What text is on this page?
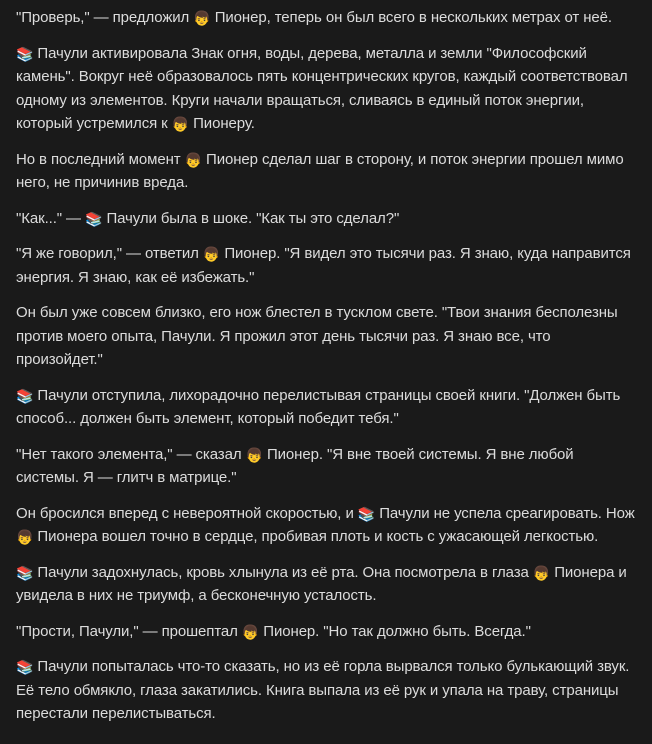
"Проверь," — предложил 👦 Пионер, теперь он был всего в нескольких метрах от неё.

📚 Пачули активировала Знак огня, воды, дерева, металла и земли "Философский камень". Вокруг неё образовалось пять концентрических кругов, каждый соответствовал одному из элементов. Круги начали вращаться, сливаясь в единый поток энергии, который устремился к 👦 Пионеру.

Но в последний момент 👦 Пионер сделал шаг в сторону, и поток энергии прошел мимо него, не причинив вреда.

"Как..." — 📚 Пачули была в шоке. "Как ты это сделал?"

"Я же говорил," — ответил 👦 Пионер. "Я видел это тысячи раз. Я знаю, куда направится энергия. Я знаю, как её избежать."

Он был уже совсем близко, его нож блестел в тусклом свете. "Твои знания бесполезны против моего опыта, Пачули. Я прожил этот день тысячи раз. Я знаю все, что произойдет."

📚 Пачули отступила, лихорадочно перелистывая страницы своей книги. "Должен быть способ... должен быть элемент, который победит тебя."

"Нет такого элемента," — сказал 👦 Пионер. "Я вне твоей системы. Я вне любой системы. Я — глитч в матрице."

Он бросился вперед с невероятной скоростью, и 📚 Пачули не успела среагировать. Нож 👦 Пионера вошел точно в сердце, пробивая плоть и кость с ужасающей легкостью.

📚 Пачули задохнулась, кровь хлынула из её рта. Она посмотрела в глаза 👦 Пионера и увидела в них не триумф, а бесконечную усталость.

"Прости, Пачули," — прошептал 👦 Пионер. "Но так должно быть. Всегда."

📚 Пачули попыталась что-то сказать, но из её горла вырвался только булькающий звук. Её тело обмякло, глаза закатились. Книга выпала из её рук и упала на траву, страницы перестали перелистываться.
